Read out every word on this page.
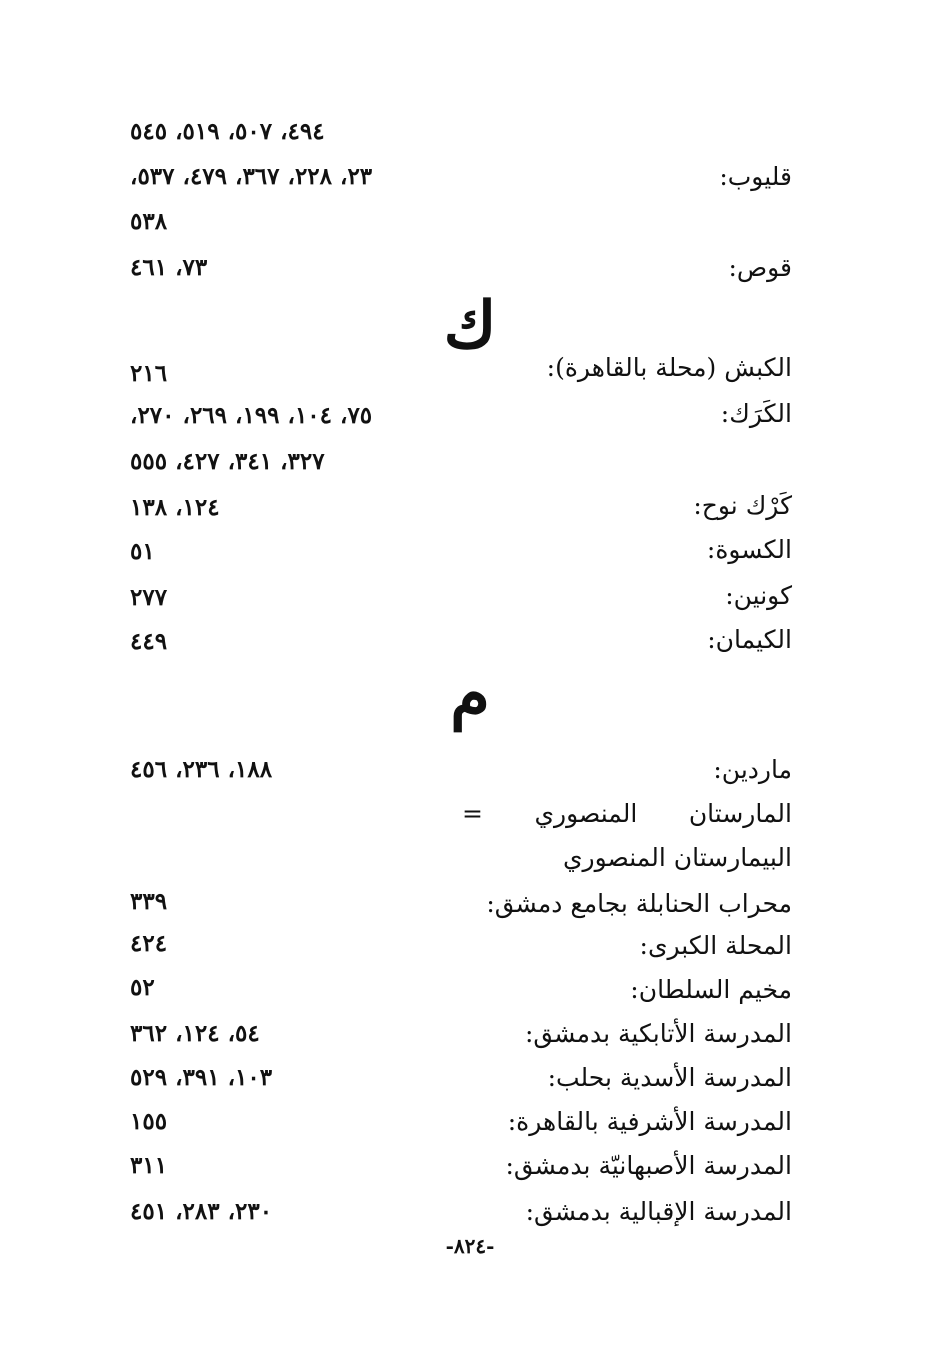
٤٩٤، ٥٠٧، ٥١٩، ٥٤٥
قليوب:
٢٣، ٢٢٨، ٣٦٧، ٤٧٩، ٥٣٧،
٥٣٨
قوص:
٧٣، ٤٦١
ك
الكبش (محلة بالقاهرة):
٢١٦
الكَرَك:
٧٥، ١٠٤، ١٩٩، ٢٦٩، ٢٧٠،
٣٢٧، ٣٤١، ٤٢٧، ٥٥٥
كَرْك نوح:
١٢٤، ١٣٨
الكسوة:
٥١
كونين:
٢٧٧
الكيمان:
٤٤٩
م
ماردين:
١٨٨، ٢٣٦، ٤٥٦
المارستان المنصوري =
البيمارستان المنصوري
محراب الحنابلة بجامع دمشق:
٣٣٩
المحلة الكبرى:
٤٢٤
مخيم السلطان:
٥٢
المدرسة الأتابكية بدمشق:
٥٤، ١٢٤، ٣٦٢
المدرسة الأسدية بحلب:
١٠٣، ٣٩١، ٥٢٩
المدرسة الأشرفية بالقاهرة:
١٥٥
المدرسة الأصبهانيّة بدمشق:
٣١١
المدرسة الإقبالية بدمشق:
٢٣٠، ٢٨٣، ٤٥١
-٨٢٤-
